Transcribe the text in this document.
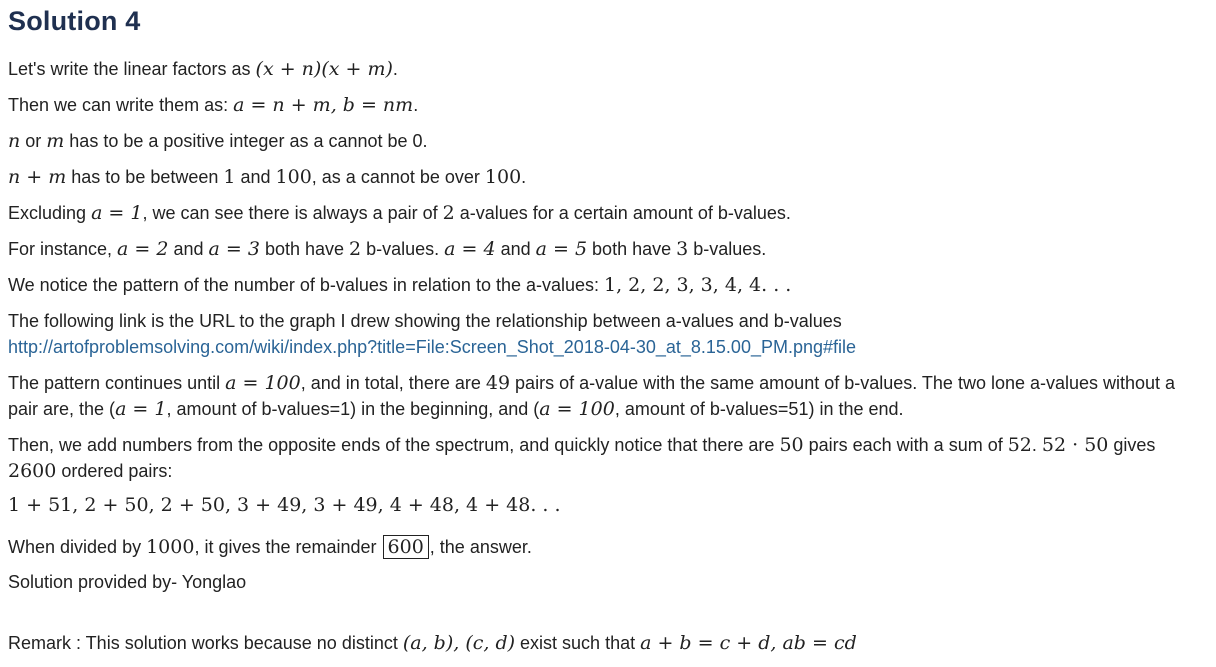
Solution 4
Let's write the linear factors as (x + n)(x + m).
Then we can write them as: a = n + m, b = nm.
n or m has to be a positive integer as a cannot be 0.
n + m has to be between 1 and 100, as a cannot be over 100.
Excluding a = 1, we can see there is always a pair of 2 a-values for a certain amount of b-values.
For instance, a = 2 and a = 3 both have 2 b-values. a = 4 and a = 5 both have 3 b-values.
We notice the pattern of the number of b-values in relation to the a-values: 1, 2, 2, 3, 3, 4, 4. . .
The following link is the URL to the graph I drew showing the relationship between a-values and b-values
http://artofproblemsolving.com/wiki/index.php?title=File:Screen_Shot_2018-04-30_at_8.15.00_PM.png#file
The pattern continues until a = 100, and in total, there are 49 pairs of a-value with the same amount of b-values. The two lone a-values without a pair are, the (a = 1, amount of b-values=1) in the beginning, and (a = 100, amount of b-values=51) in the end.
Then, we add numbers from the opposite ends of the spectrum, and quickly notice that there are 50 pairs each with a sum of 52. 52 · 50 gives 2600 ordered pairs:
1 + 51, 2 + 50, 2 + 50, 3 + 49, 3 + 49, 4 + 48, 4 + 48. . .
When divided by 1000, it gives the remainder 600 , the answer.
Solution provided by- Yonglao
Remark : This solution works because no distinct (a, b), (c, d) exist such that a + b = c + d, ab = cd
